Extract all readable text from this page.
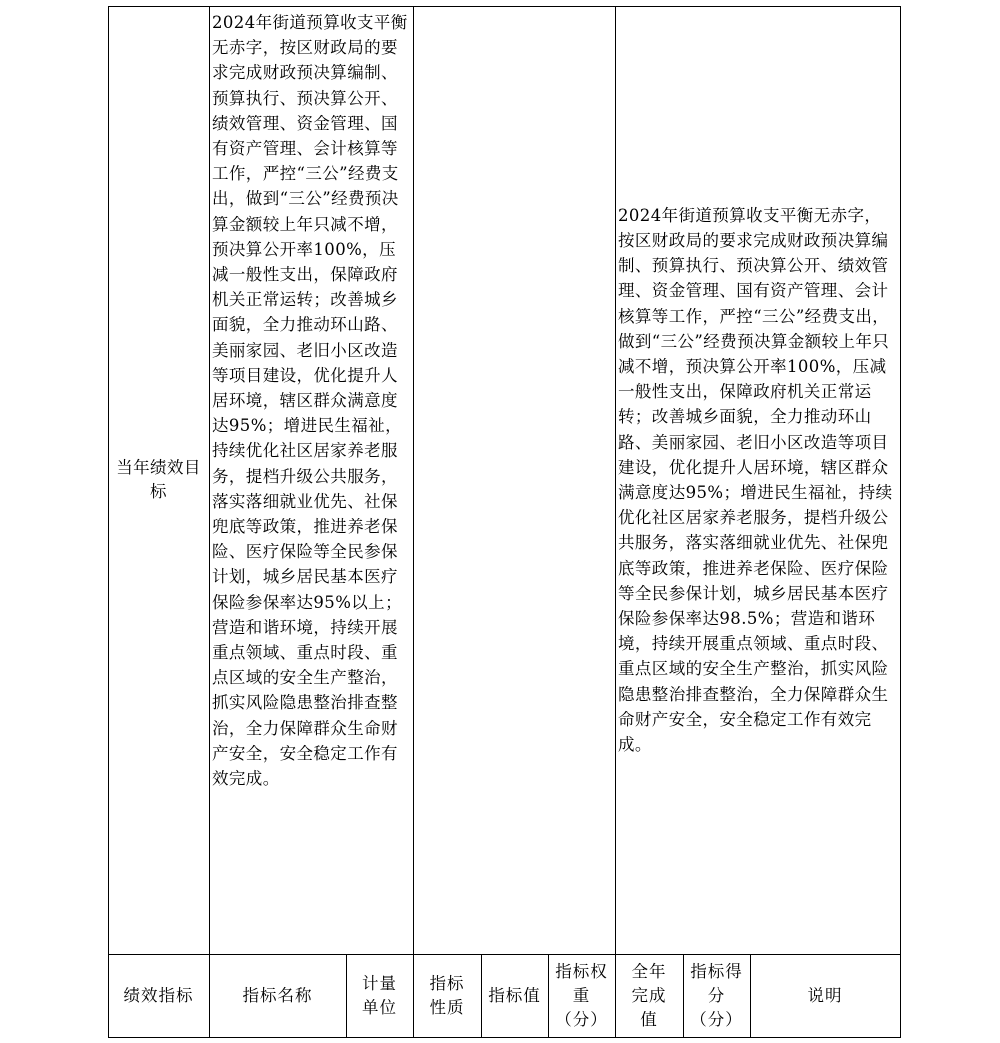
当年绩效目标
2024年街道预算收支平衡无赤字，按区财政局的要求完成财政预决算编制、预算执行、预决算公开、绩效管理、资金管理、国有资产管理、会计核算等工作，严控“三公”经费支出，做到“三公”经费预决算金额较上年只减不增，预决算公开率100%，压减一般性支出，保障政府机关正常运转；改善城乡面貌，全力推动环山路、美丽家园、老旧小区改造等项目建设，优化提升人居环境，辖区群众满意度达95%；增进民生福祉，持续优化社区居家养老服务，提档升级公共服务，落实落细就业优先、社保兜底等政策，推进养老保险、医疗保险等全民参保计划，城乡居民基本医疗保险参保率达95%以上；营造和谐环境，持续开展重点领域、重点时段、重点区域的安全生产整治，抓实风险隐患整治排查整治，全力保障群众生命财产安全，安全稳定工作有效完成。
2024年街道预算收支平衡无赤字，按区财政局的要求完成财政预决算编制、预算执行、预决算公开、绩效管理、资金管理、国有资产管理、会计核算等工作，严控“三公”经费支出，做到“三公”经费预决算金额较上年只减不增，预决算公开率100%，压减一般性支出，保障政府机关正常运转；改善城乡面貌，全力推动环山路、美丽家园、老旧小区改造等项目建设，优化提升人居环境，辖区群众满意度达95%；增进民生福祉，持续优化社区居家养老服务，提档升级公共服务，落实落细就业优先、社保兜底等政策，推进养老保险、医疗保险等全民参保计划，城乡居民基本医疗保险参保率达98.5%；营造和谐环境，持续开展重点领域、重点时段、重点区域的安全生产整治，抓实风险隐患整治排查整治，全力保障群众生命财产安全，安全稳定工作有效完成。
绩效指标	指标名称
计量单位
指标性质
指标值
指标权重（分）
全年完成值
指标得分（分）
说明
